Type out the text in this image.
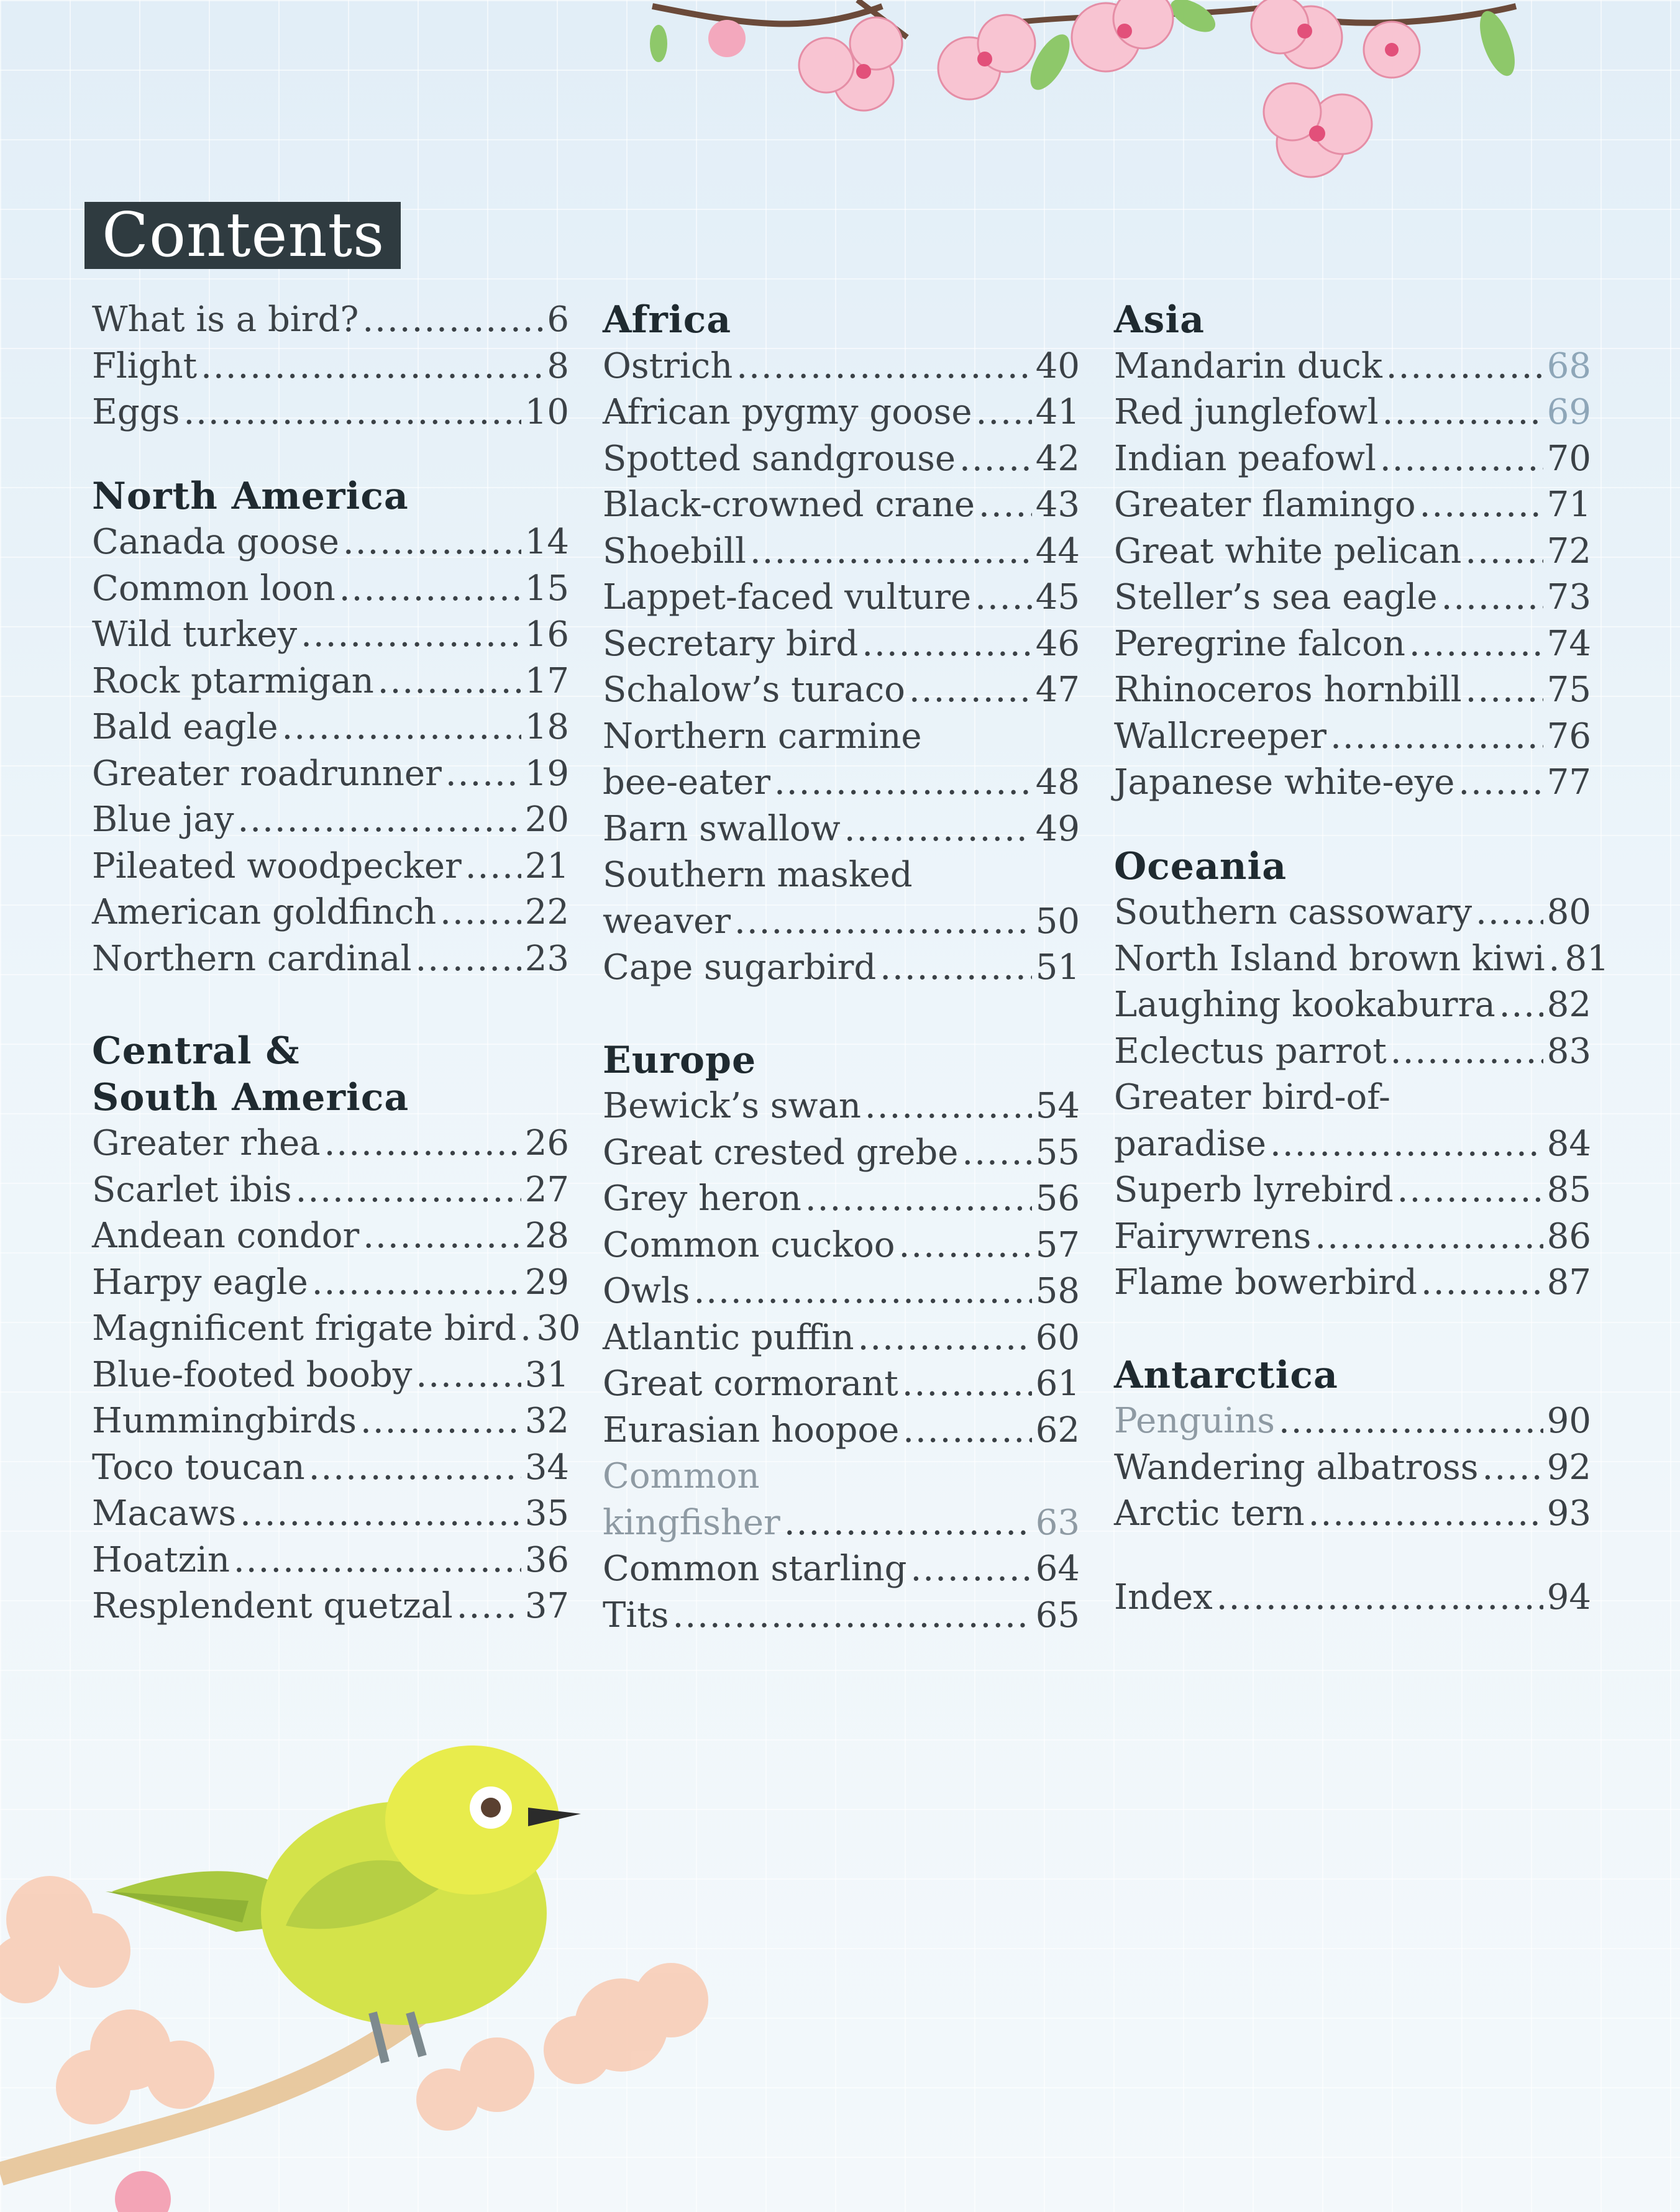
Contents
What is a bird? .....	6
Flight .....	8
Eggs .....	10
North America
Canada goose .....	14
Common loon .....	15
Wild turkey .....	16
Rock ptarmigan .....	17
Bald eagle .....	18
Greater roadrunner ..... 19
Blue jay .....	20
Pileated woodpecker ..... 21
American goldfinch .....	22
Northern cardinal .....	23
Central &
South America
Greater rhea .....	26
Scarlet ibis .....	27
Andean condor .....	28
Harpy eagle .....	29
Magnificent frigate bird ..... 30
Blue-footed booby .....	31
Hummingbirds .....	32
Toco toucan .....	34
Macaws .....	35
Hoatzin .....	36
Resplendent quetzal ..... 37
Africa
Ostrich .....	40
African pygmy goose ..... 41
Spotted sandgrouse ..... 42
Black-crowned crane ..... 43
Shoebill .....	44
Lappet-faced vulture ..... 45
Secretary bird .....	46
Schalow’s turaco .....	47
Northern carmine
bee-eater .....	48
Barn swallow .....	49
Southern masked
weaver .....	50
Cape sugarbird .....	51
Europe
Bewick’s swan .....	54
Great crested grebe ..... 55
Grey heron .....	56
Common cuckoo .....	57
Owls .....	58
Atlantic puffin .....	60
Great cormorant .....	61
Eurasian hoopoe .....	62
Common
kingfisher .....	63
Common starling .....	64
Tits .....	65
Asia
Mandarin duck .....	68
Red junglefowl .....	69
Indian peafowl .....	70
Greater flamingo .....	71
Great white pelican ..... 72
Steller’s sea eagle .....	73
Peregrine falcon .....	74
Rhinoceros hornbill ..... 75
Wallcreeper .....	76
Japanese white-eye .....	77
Oceania
Southern cassowary ..... 80
North Island brown kiwi ..... 81
Laughing kookaburra ..... 82
Eclectus parrot .....	83
Greater bird-of-
paradise .....	84
Superb lyrebird .....	85
Fairywrens .....	86
Flame bowerbird .....	87
Antarctica
Penguins .....	90
Wandering albatross ..... 92
Arctic tern .....	93
Index .....	94
